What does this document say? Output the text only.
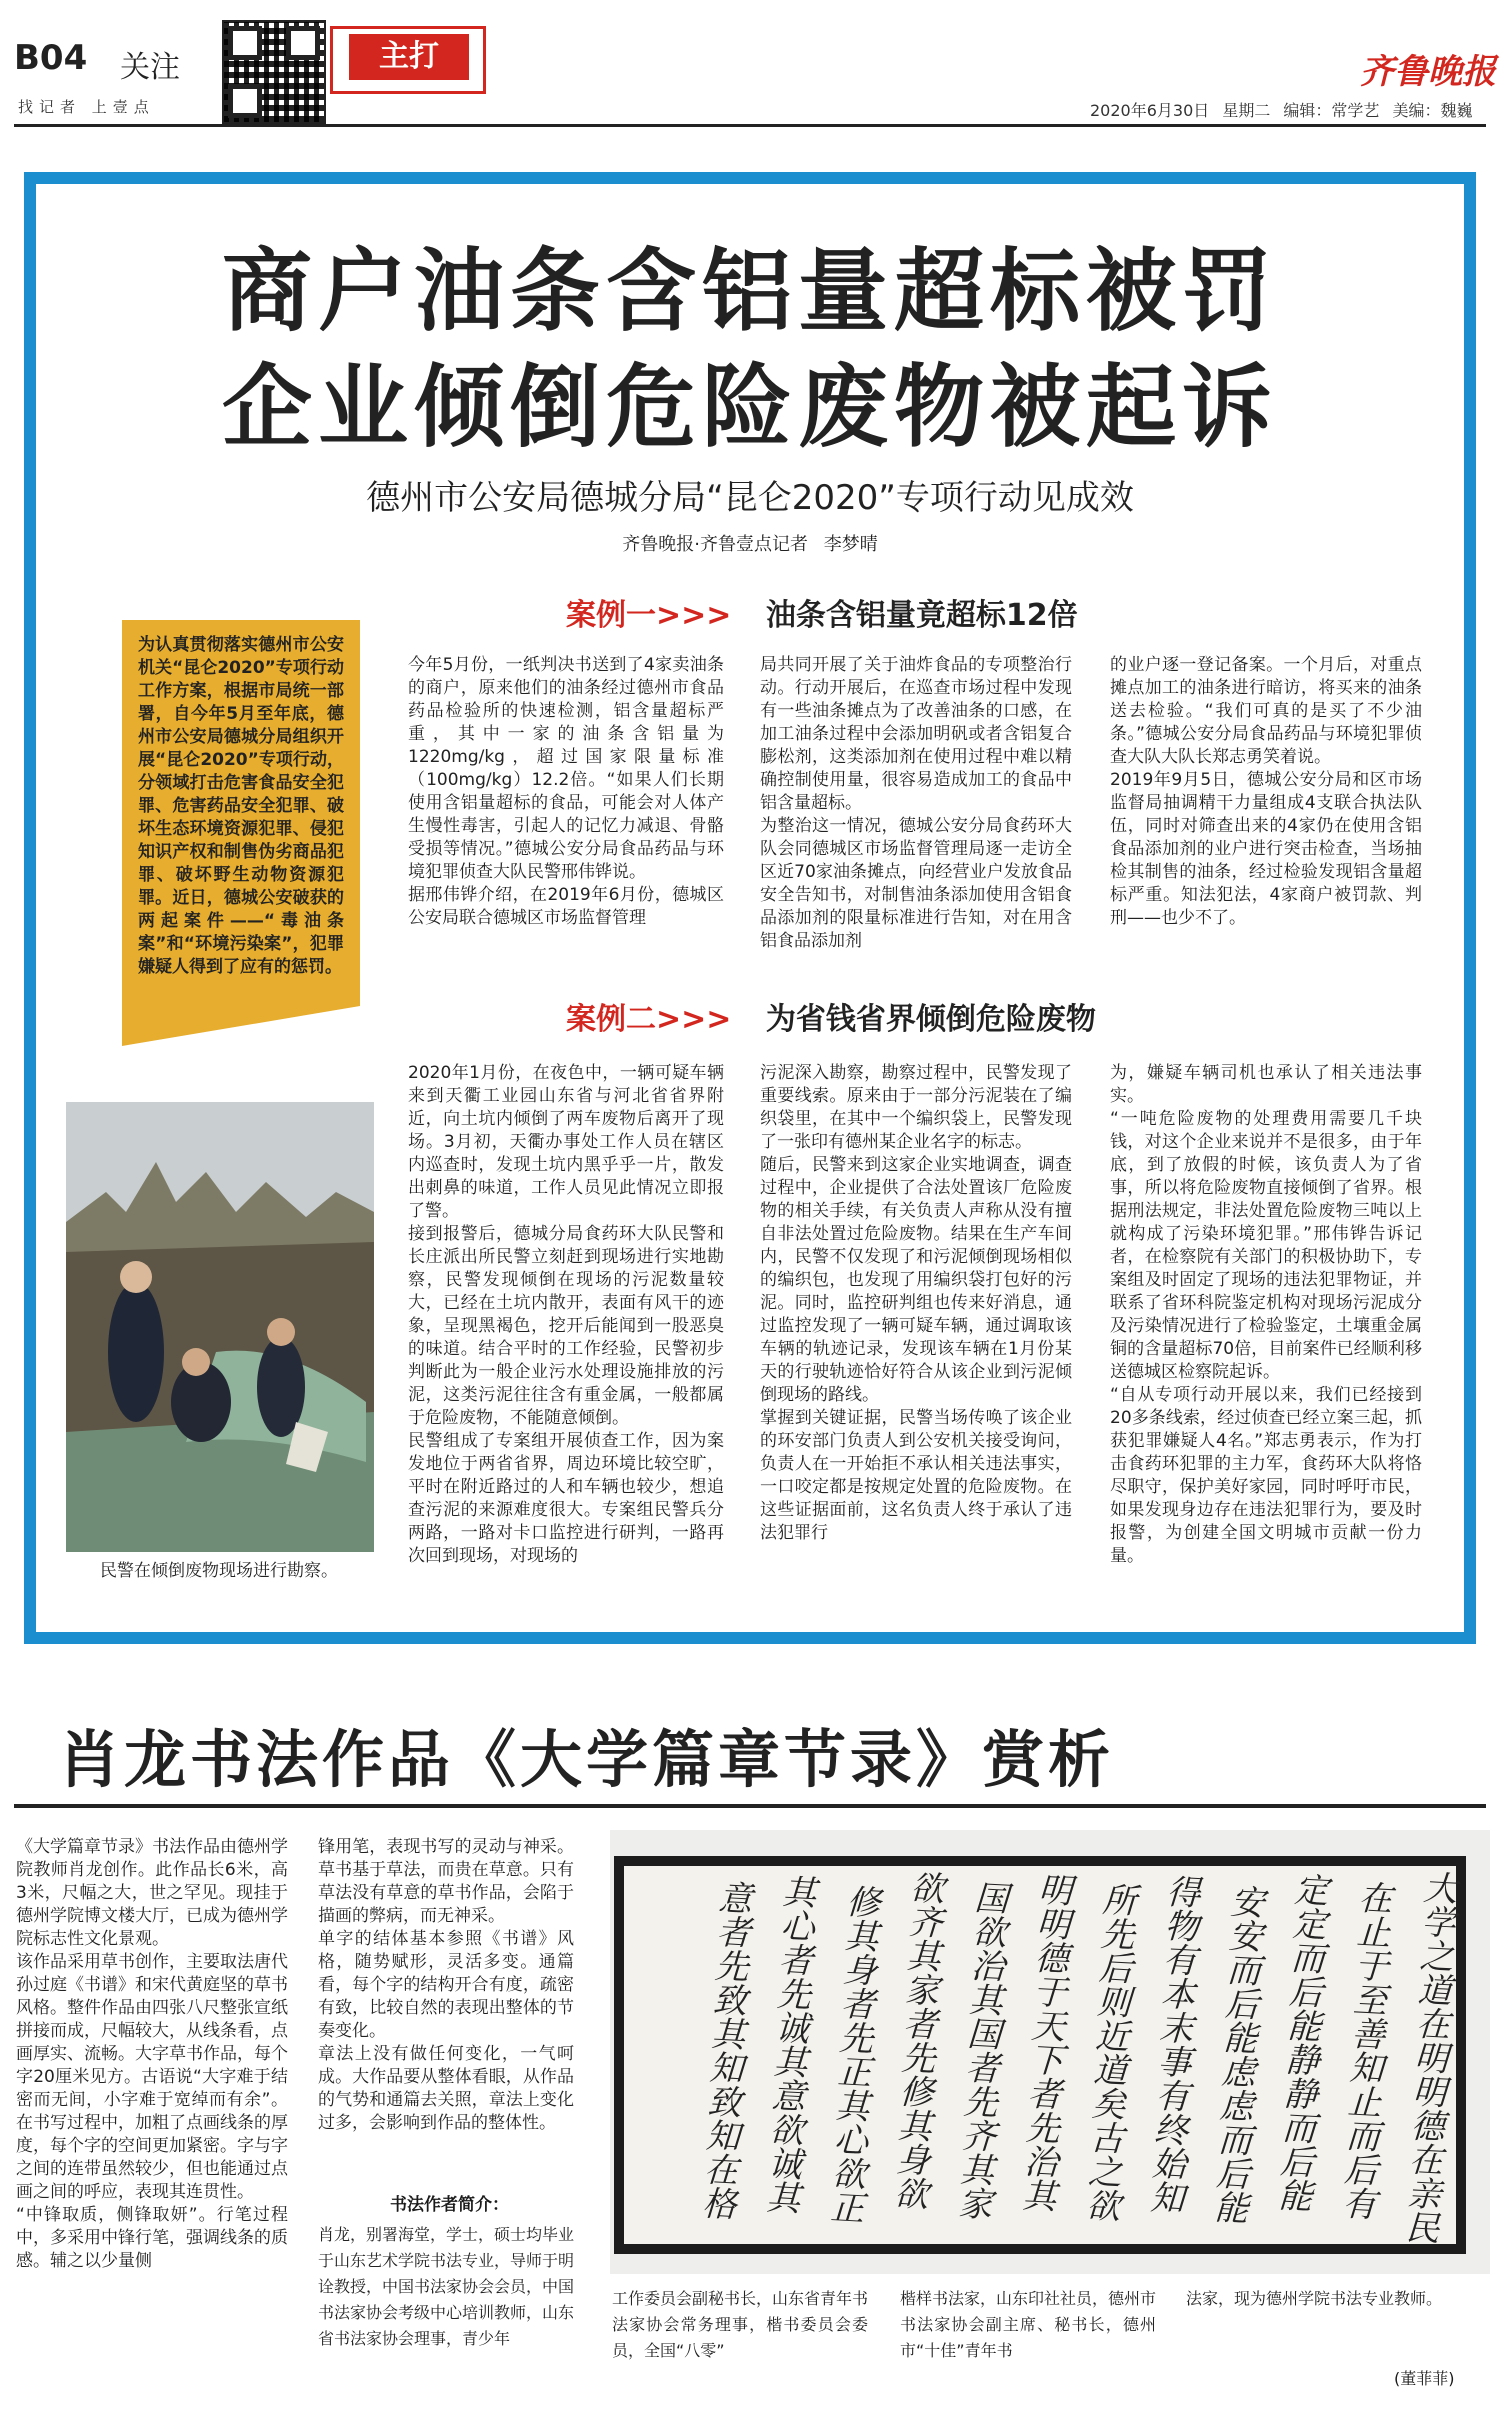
B04 关注
找记者 上壹点
主打	齐鲁晚报
2020年6月30日 星期二 编辑：常学艺 美编：魏巍
商户油条含铝量超标被罚
企业倾倒危险废物被起诉
德州市公安局德城分局“昆仑2020”专项行动见成效
齐鲁晚报·齐鲁壹点记者 李梦晴
为认真贯彻落实德州市公安机关“昆仑2020”专项行动工作方案，根据市局统一部署，自今年5月至年底，德州市公安局德城分局组织开展“昆仑2020”专项行动，分领域打击危害食品安全犯罪、危害药品安全犯罪、破坏生态环境资源犯罪、侵犯知识产权和制售伪劣商品犯罪、破坏野生动物资源犯罪。近日，德城公安破获的两起案件——“毒油条案”和“环境污染案”，犯罪嫌疑人得到了应有的惩罚。
案例一>>> 油条含铝量竟超标12倍
今年5月份，一纸判决书送到了4家卖油条的商户，原来他们的油条经过德州市食品药品检验所的快速检测，铝含量超标严重，其中一家的油条含铝量为1220mg/kg，超过国家限量标准（100mg/kg）12.2倍。“如果人们长期使用含铝量超标的食品，可能会对人体产生慢性毒害，引起人的记忆力减退、骨骼受损等情况。”德城公安分局食品药品与环境犯罪侦查大队民警邢伟铧说。
据邢伟铧介绍，在2019年6月份，德城区公安局联合德城区市场监督管理
局共同开展了关于油炸食品的专项整治行动。行动开展后，在巡查市场过程中发现有一些油条摊点为了改善油条的口感，在加工油条过程中会添加明矾或者含铝复合膨松剂，这类添加剂在使用过程中难以精确控制使用量，很容易造成加工的食品中铝含量超标。
为整治这一情况，德城公安分局食药环大队会同德城区市场监督管理局逐一走访全区近70家油条摊点，向经营业户发放食品安全告知书，对制售油条添加使用含铝食品添加剂的限量标准进行告知，对在用含铝食品添加剂
的业户逐一登记备案。一个月后，对重点摊点加工的油条进行暗访，将买来的油条送去检验。“我们可真的是买了不少油条。”德城公安分局食品药品与环境犯罪侦查大队大队长郑志勇笑着说。
2019年9月5日，德城公安分局和区市场监督局抽调精干力量组成4支联合执法队伍，同时对筛查出来的4家仍在使用含铝食品添加剂的业户进行突击检查，当场抽检其制售的油条，经过检验发现铝含量超标严重。知法犯法，4家商户被罚款、判刑——也少不了。
案例二>>> 为省钱省界倾倒危险废物
2020年1月份，在夜色中，一辆可疑车辆来到天衢工业园山东省与河北省省界附近，向土坑内倾倒了两车废物后离开了现场。3月初，天衢办事处工作人员在辖区内巡查时，发现土坑内黑乎乎一片，散发出刺鼻的味道，工作人员见此情况立即报了警。
接到报警后，德城分局食药环大队民警和长庄派出所民警立刻赶到现场进行实地勘察，民警发现倾倒在现场的污泥数量较大，已经在土坑内散开，表面有风干的迹象，呈现黑褐色，挖开后能闻到一股恶臭的味道。结合平时的工作经验，民警初步判断此为一般企业污水处理设施排放的污泥，这类污泥往往含有重金属，一般都属于危险废物，不能随意倾倒。
民警组成了专案组开展侦查工作，因为案发地位于两省省界，周边环境比较空旷，平时在附近路过的人和车辆也较少，想追查污泥的来源难度很大。专案组民警兵分两路，一路对卡口监控进行研判，一路再次回到现场，对现场的
污泥深入勘察，勘察过程中，民警发现了重要线索。原来由于一部分污泥装在了编织袋里，在其中一个编织袋上，民警发现了一张印有德州某企业名字的标志。
随后，民警来到这家企业实地调查，调查过程中，企业提供了合法处置该厂危险废物的相关手续，有关负责人声称从没有擅自非法处置过危险废物。结果在生产车间内，民警不仅发现了和污泥倾倒现场相似的编织包，也发现了用编织袋打包好的污泥。同时，监控研判组也传来好消息，通过监控发现了一辆可疑车辆，通过调取该车辆的轨迹记录，发现该车辆在1月份某天的行驶轨迹恰好符合从该企业到污泥倾倒现场的路线。
掌握到关键证据，民警当场传唤了该企业的环安部门负责人到公安机关接受询问，负责人在一开始拒不承认相关违法事实，一口咬定都是按规定处置的危险废物。在这些证据面前，这名负责人终于承认了违法犯罪行
为，嫌疑车辆司机也承认了相关违法事实。
“一吨危险废物的处理费用需要几千块钱，对这个企业来说并不是很多，由于年底，到了放假的时候，该负责人为了省事，所以将危险废物直接倾倒了省界。根据刑法规定，非法处置危险废物三吨以上就构成了污染环境犯罪。”邢伟铧告诉记者，在检察院有关部门的积极协助下，专案组及时固定了现场的违法犯罪物证，并联系了省环科院鉴定机构对现场污泥成分及污染情况进行了检验鉴定，土壤重金属铜的含量超标70倍，目前案件已经顺利移送德城区检察院起诉。
“自从专项行动开展以来，我们已经接到20多条线索，经过侦查已经立案三起，抓获犯罪嫌疑人4名。”郑志勇表示，作为打击食药环犯罪的主力军，食药环大队将恪尽职守，保护美好家园，同时呼吁市民，如果发现身边存在违法犯罪行为，要及时报警，为创建全国文明城市贡献一份力量。
民警在倾倒废物现场进行勘察。
肖龙书法作品《大学篇章节录》赏析
《大学篇章节录》书法作品由德州学院教师肖龙创作。此作品长6米，高3米，尺幅之大，世之罕见。现挂于德州学院博文楼大厅，已成为德州学院标志性文化景观。
该作品采用草书创作，主要取法唐代孙过庭《书谱》和宋代黄庭坚的草书风格。整件作品由四张八尺整张宣纸拼接而成，尺幅较大，从线条看，点画厚实、流畅。大字草书作品，每个字20厘米见方。古语说“大字难于结密而无间，小字难于宽绰而有余”。在书写过程中，加粗了点画线条的厚度，每个字的空间更加紧密。字与字之间的连带虽然较少，但也能通过点画之间的呼应，表现其连贯性。
“中锋取质，侧锋取妍”。行笔过程中，多采用中锋行笔，强调线条的质感。辅之以少量侧
锋用笔，表现书写的灵动与神采。草书基于草法，而贵在草意。只有草法没有草意的草书作品，会陷于描画的弊病，而无神采。
单字的结体基本参照《书谱》风格，随势赋形，灵活多变。通篇看，每个字的结构开合有度，疏密有致，比较自然的表现出整体的节奏变化。
章法上没有做任何变化，一气呵成。大作品要从整体看眼，从作品的气势和通篇去关照，章法上变化过多，会影响到作品的整体性。
书法作者简介：
肖龙，别署海堂，学士，硕士均毕业于山东艺术学院书法专业，导师于明诠教授，中国书法家协会会员，中国书法家协会考级中心培训教师，山东省书法家协会理事，青少年
工作委员会副秘书长，山东省青年书法家协会常务理事，楷书委员会委员，全国“八零”
楷样书法家，山东印社社员，德州市书法家协会副主席、秘书长，德州市“十佳”青年书
法家，现为德州学院书法专业教师。
(董菲菲)
大学之道在明明德在亲民
在止于至善知止而后有
定定而后能静静而后能
安安而后能虑虑而后能
得物有本末事有终始知
所先后则近道矣古之欲
明明德于天下者先治其
国欲治其国者先齐其家
欲齐其家者先修其身欲
修其身者先正其心欲正
其心者先诚其意欲诚其
意者先致其知致知在格
